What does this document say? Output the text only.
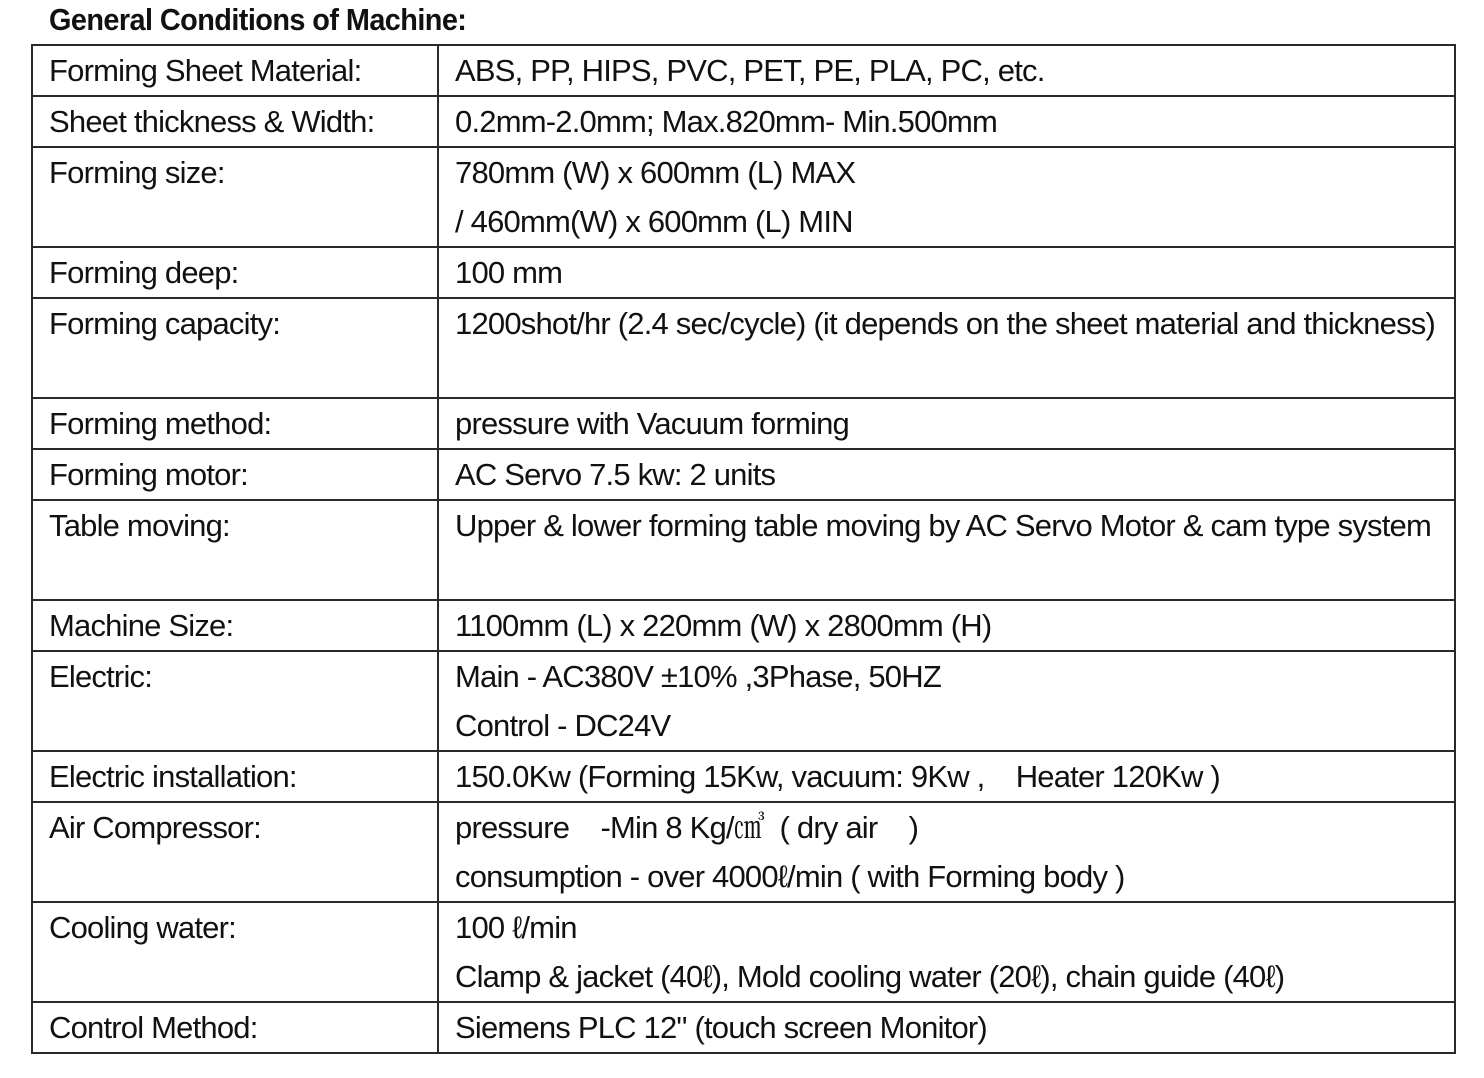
General Conditions of Machine:
Forming Sheet Material:	ABS, PP, HIPS, PVC, PET, PE, PLA, PC, etc.

Sheet thickness & Width:	0.2mm-2.0mm; Max.820mm- Min.500mm

Forming size:	780mm (W) x 600mm (L) MAX
/ 460mm(W) x 600mm (L) MIN

Forming deep:	100 mm

Forming capacity:	1200shot/hr (2.4 sec/cycle) (it depends on the sheet material and thickness)
Forming method:	pressure with Vacuum forming

Forming motor:	AC Servo 7.5 kw: 2 units

Table moving:	Upper & lower forming table moving by AC Servo Motor & cam type system
Machine Size:	1100mm (L) x 220mm (W) x 2800mm (H)

Electric:	Main - AC380V ±10% ,3Phase, 50HZ
Control - DC24V

Electric installation:	150.0Kw (Forming 15Kw, vacuum: 9Kw ,    Heater 120Kw )

Air Compressor:	pressure    -Min 8 Kg/㎤  ( dry air    )
consumption - over 4000ℓ/min ( with Forming body )

Cooling water:	100 ℓ/min
Clamp & jacket (40ℓ), Mold cooling water (20ℓ), chain guide (40ℓ)

Control Method:	Siemens PLC 12" (touch screen Monitor)
